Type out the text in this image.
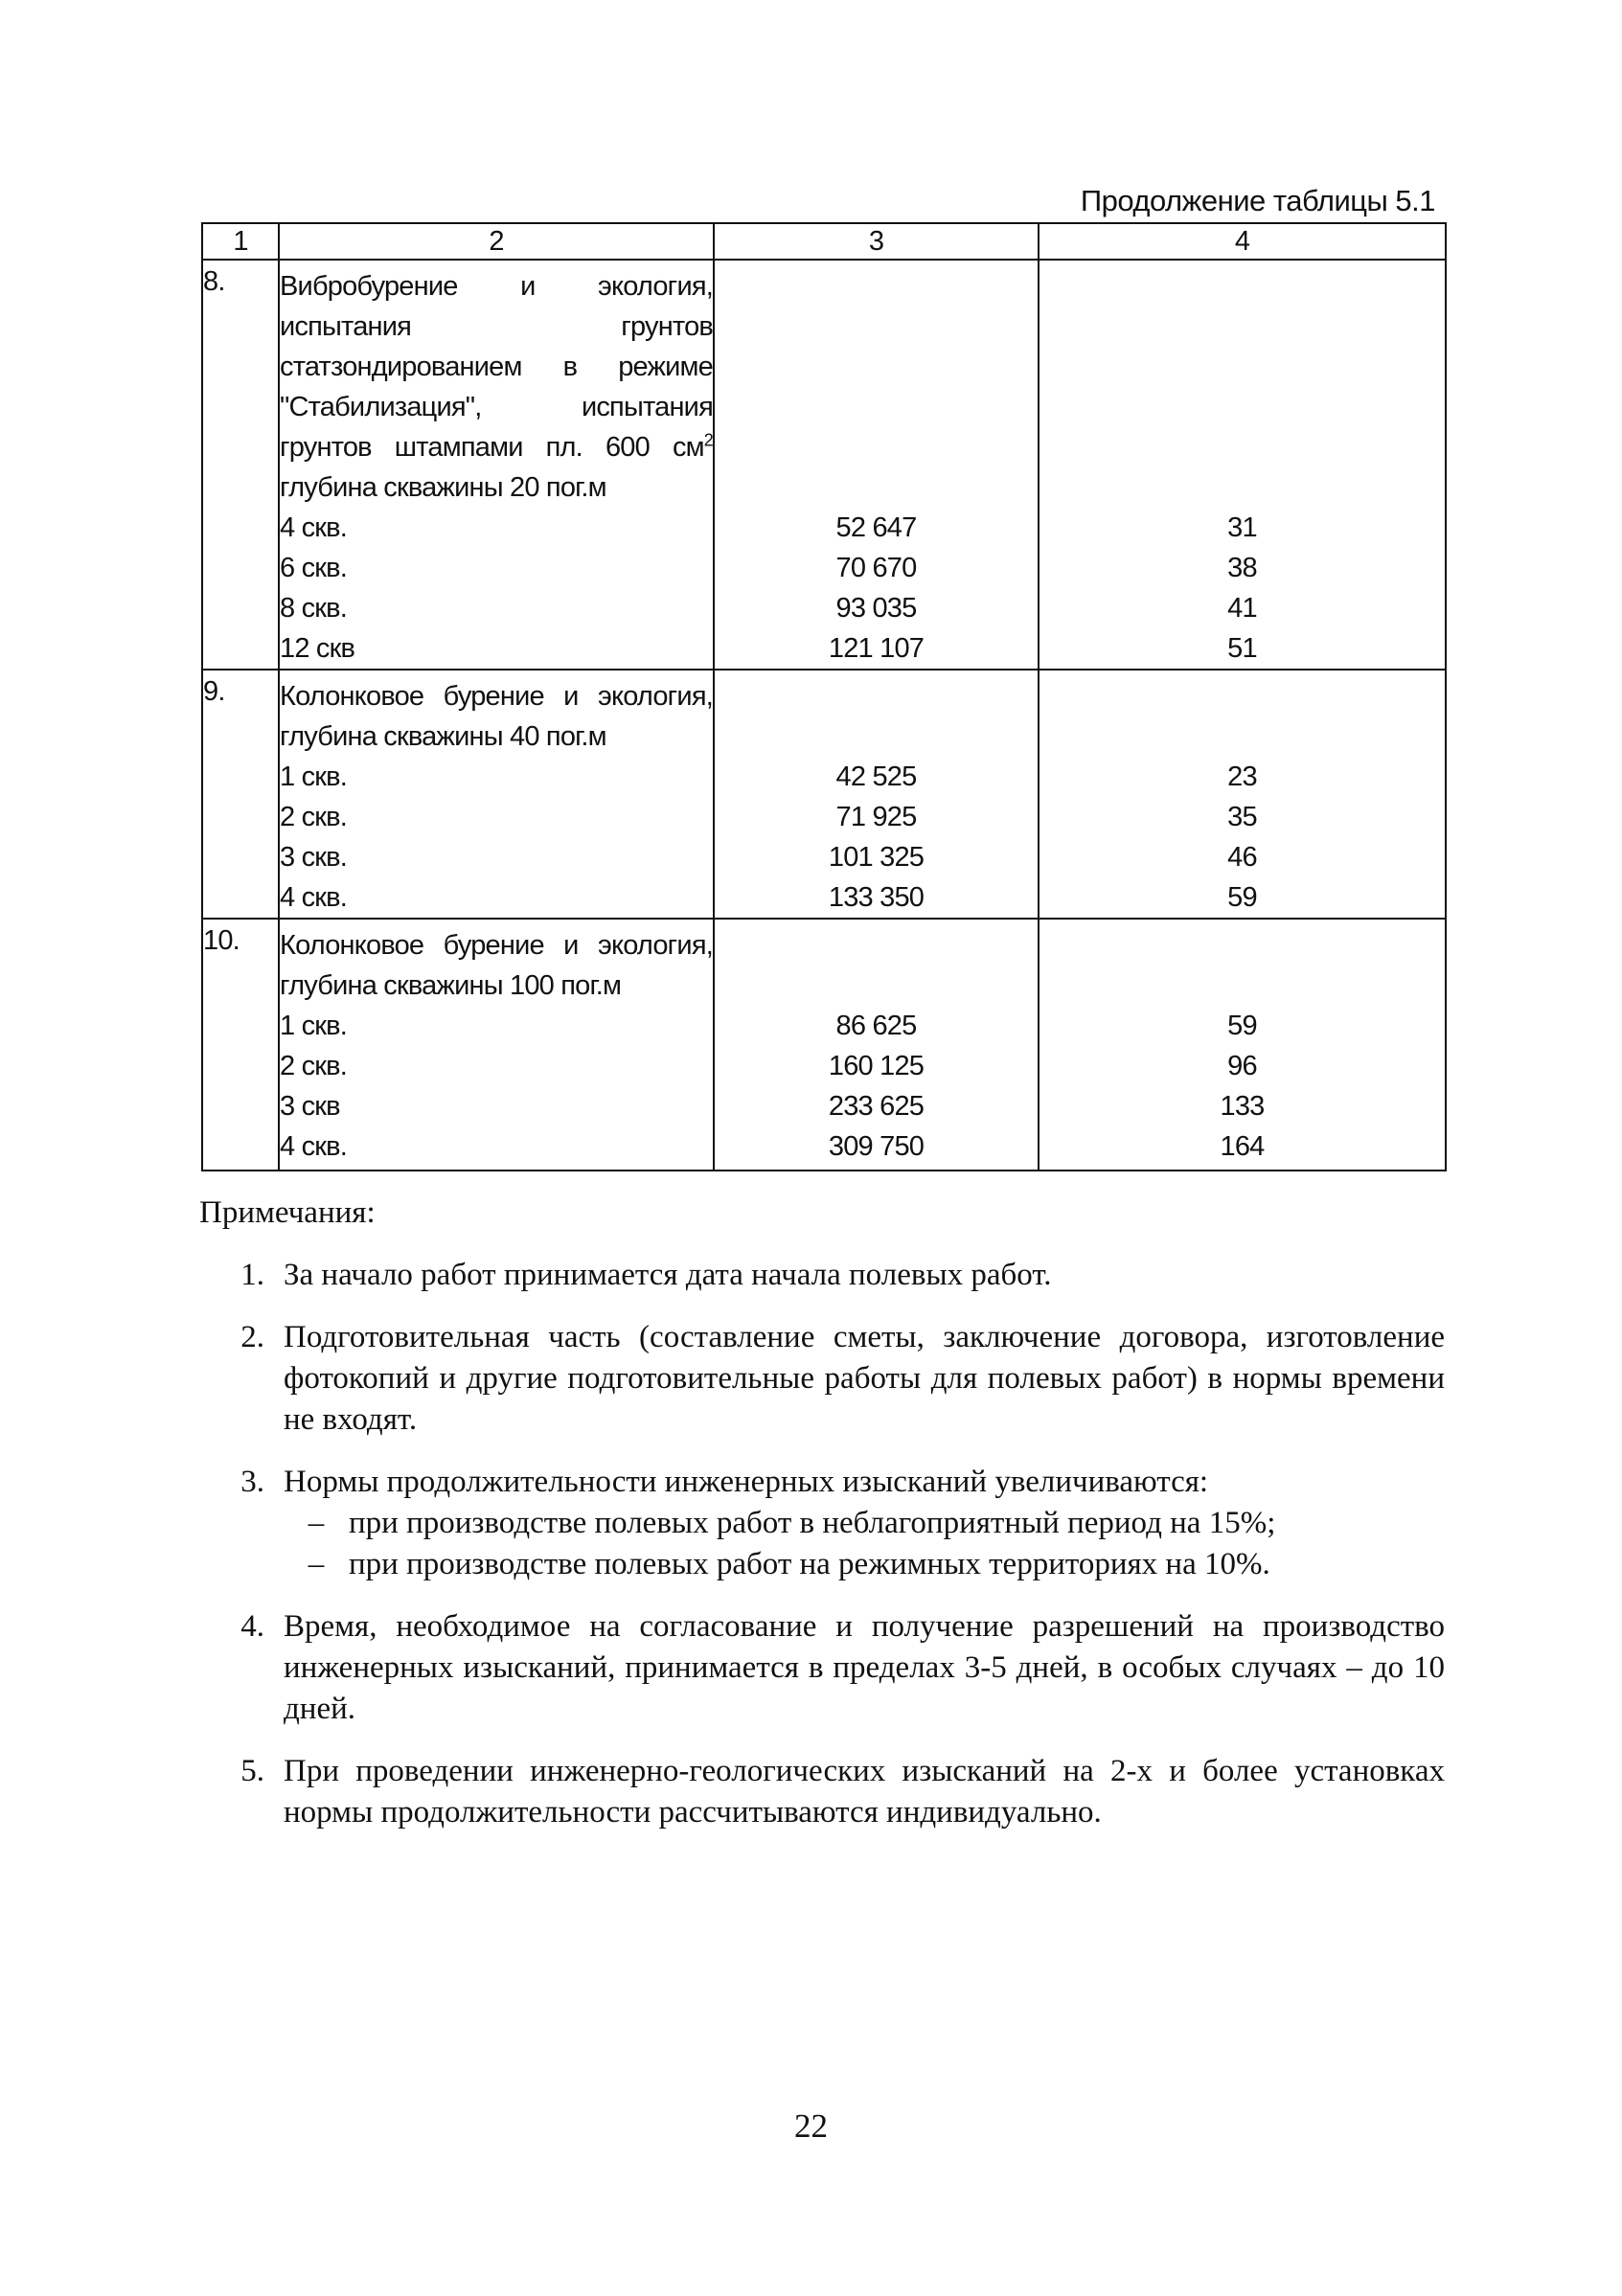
Продолжение таблицы 5.1
1	2	3	4
8.	Вибробурение и экология, испытания грунтов статзондированием в режиме "Стабилизация", испытания грунтов штампами пл. 600 $см^2$ глубина скважины 20 пог.м		
	4 скв.	52 647	31
	6 скв.	70 670	38
	8 скв.	93 035	41
	12 скв	121 107	51
9.	Колонковое бурение и экология, глубина скважины 40 пог.м		
	1 скв.	42 525	23
	2 скв.	71 925	35
	3 скв.	101 325	46
	4 скв.	133 350	59
10.	Колонковое бурение и экология, глубина скважины 100 пог.м		
	1 скв.	86 625	59
	2 скв.	160 125	96
	3 скв	233 625	133
	4 скв.	309 750	164
Примечания:
1. За начало работ принимается дата начала полевых работ.
2. Подготовительная часть (составление сметы, заключение договора, изготовление фотокопий и другие подготовительные работы для полевых работ) в нормы времени не входят.
3. Нормы продолжительности инженерных изысканий увеличиваются:
– при производстве полевых работ в неблагоприятный период на 15%;
– при производстве полевых работ на режимных территориях на 10%.
4. Время, необходимое на согласование и получение разрешений на производство инженерных изысканий, принимается в пределах 3-5 дней, в особых случаях – до 10 дней.
5. При проведении инженерно-геологических изысканий на 2-х и более установках нормы продолжительности рассчитываются индивидуально.
22
